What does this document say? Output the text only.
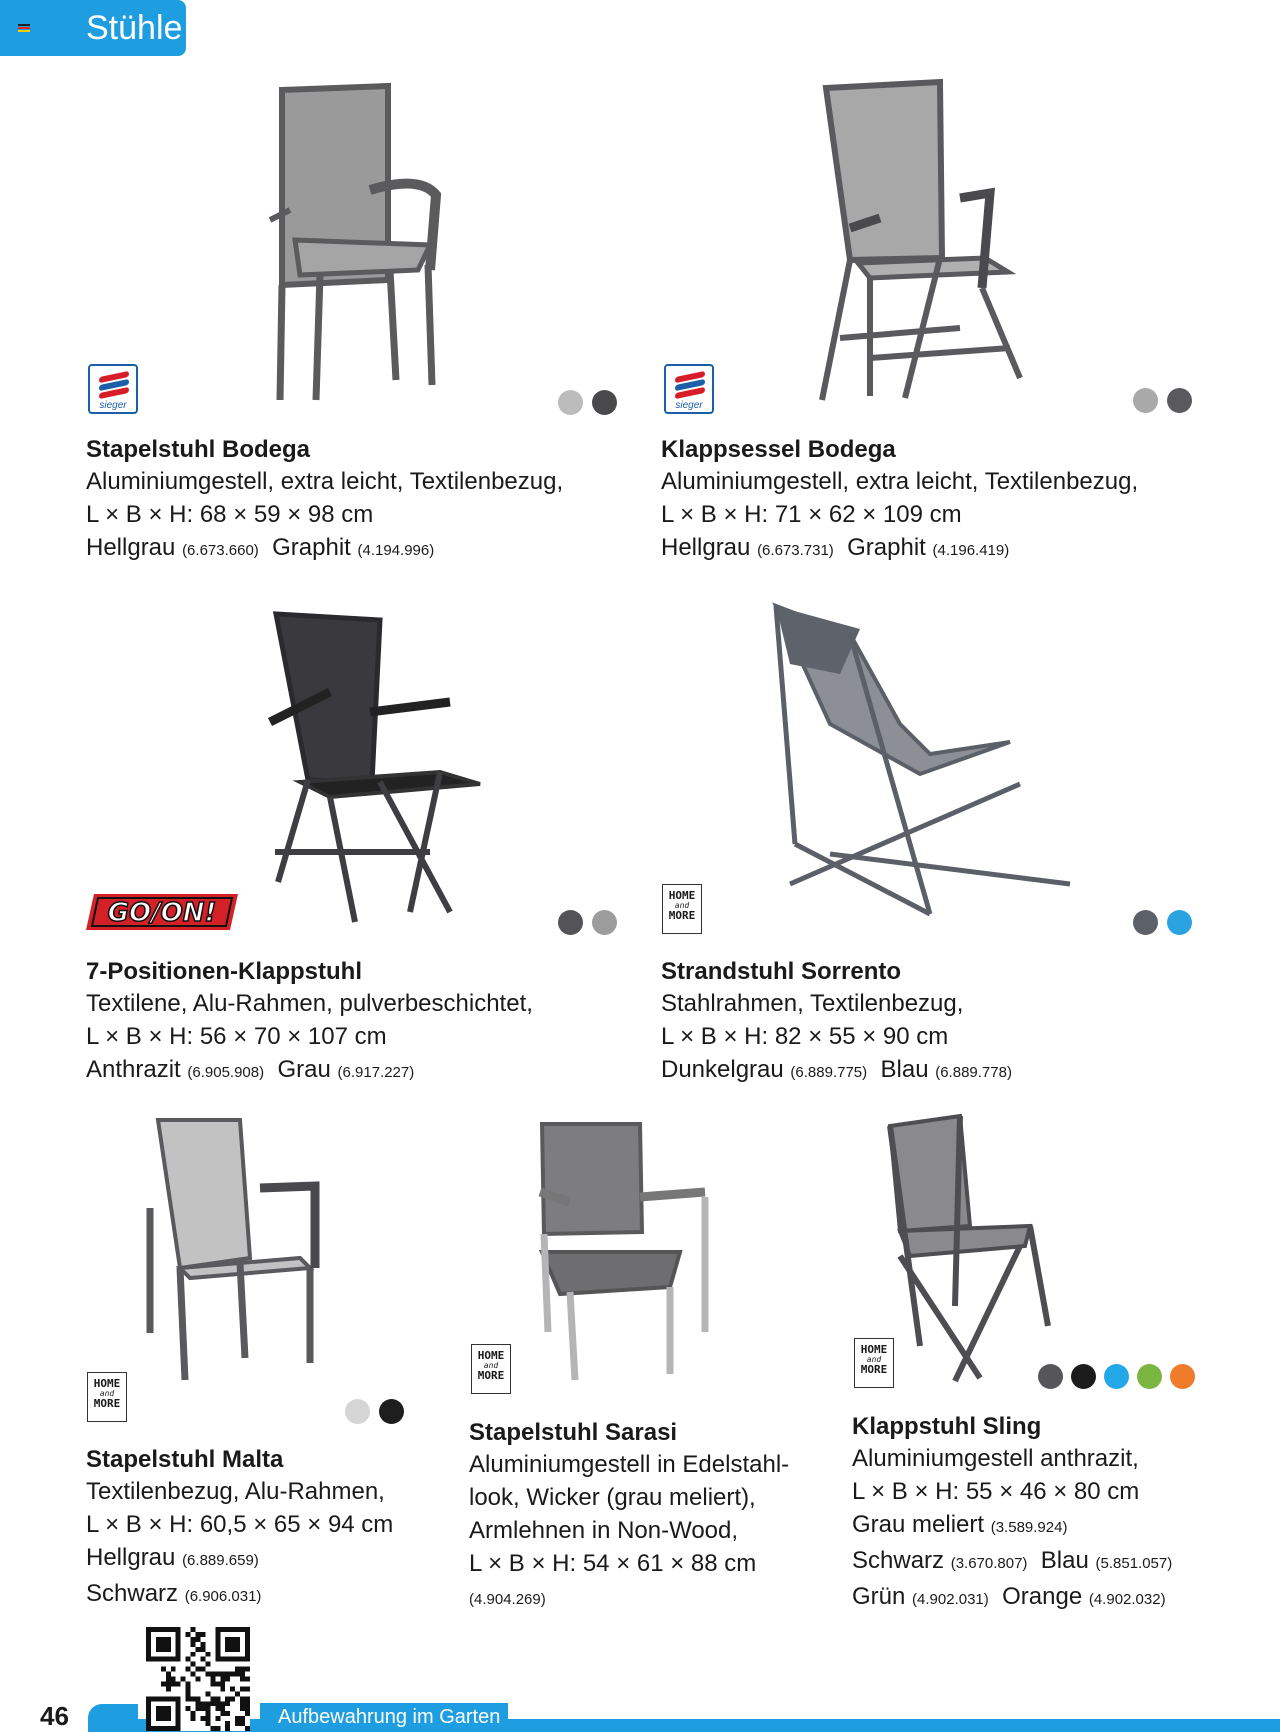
Stühle
sieger	sieger
GO/ON!
HOME
and
MORE
HOME
and
MORE
HOME
and
MORE
HOME
and
MORE
Stapelstuhl Bodega
Aluminiumgestell, extra leicht, Textilenbezug,
L × B × H: 68 × 59 × 98 cm
Hellgrau (6.673.660) Graphit (4.194.996)
Klappsessel Bodega
Aluminiumgestell, extra leicht, Textilenbezug,
L × B × H: 71 × 62 × 109 cm
Hellgrau (6.673.731) Graphit (4.196.419)
7-Positionen-Klappstuhl
Textilene, Alu-Rahmen, pulverbeschichtet,
L × B × H: 56 × 70 × 107 cm
Anthrazit (6.905.908) Grau (6.917.227)
Strandstuhl Sorrento
Stahlrahmen, Textilenbezug,
L × B × H: 82 × 55 × 90 cm
Dunkelgrau (6.889.775) Blau (6.889.778)
Stapelstuhl Malta
Textilenbezug, Alu-Rahmen,
L × B × H: 60,5 × 65 × 94 cm
Hellgrau (6.889.659)
Schwarz (6.906.031)
Stapelstuhl Sarasi
Aluminiumgestell in Edelstahl-
look, Wicker (grau meliert),
Armlehnen in Non-Wood,
L × B × H: 54 × 61 × 88 cm
(4.904.269)
Klappstuhl Sling
Aluminiumgestell anthrazit,
L × B × H: 55 × 46 × 80 cm
Grau meliert (3.589.924)
Schwarz (3.670.807) Blau (5.851.057)
Grün (4.902.031) Orange (4.902.032)
Aufbewahrung im Garten
46
